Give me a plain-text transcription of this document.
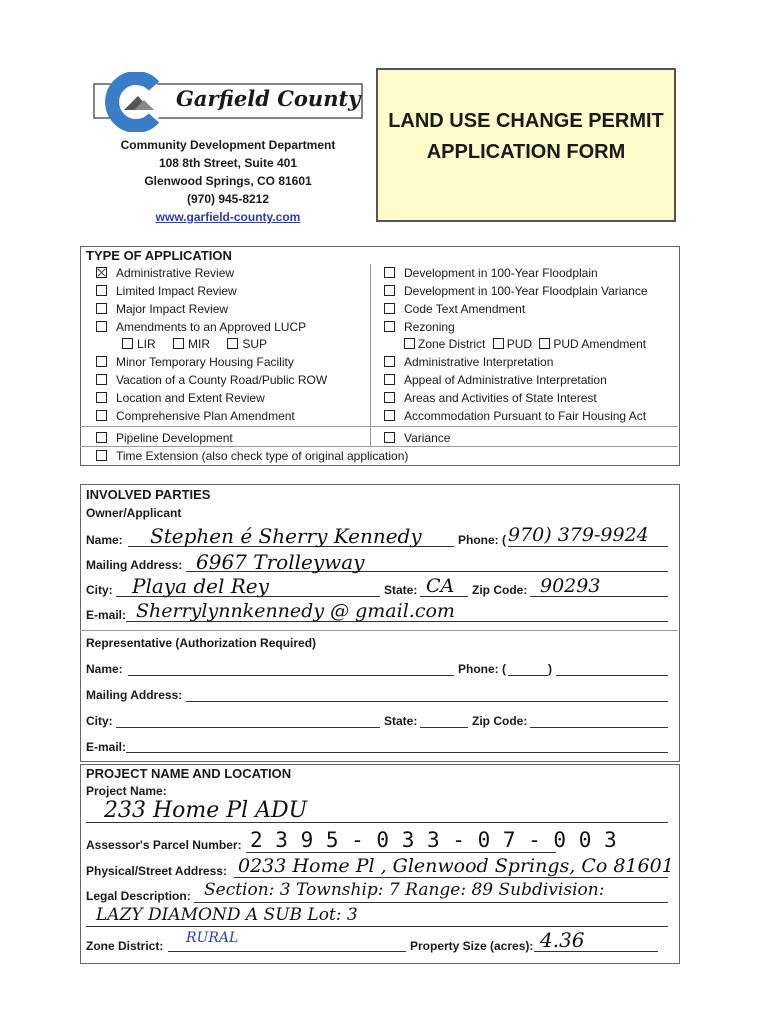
Garfield County
Community Development Department
108 8th Street, Suite 401
Glenwood Springs, CO 81601
(970) 945-8212
www.garfield-county.com
LAND USE CHANGE PERMIT
APPLICATION FORM
TYPE OF APPLICATION
Administrative Review
Limited Impact Review
Major Impact Review
Amendments to an Approved LUCP
LIR	MIR	SUP
Minor Temporary Housing Facility
Vacation of a County Road/Public ROW
Location and Extent Review
Comprehensive Plan Amendment
Pipeline Development
Development in 100-Year Floodplain
Development in 100-Year Floodplain Variance
Code Text Amendment
Rezoning
Zone District PUD PUD Amendment
Administrative Interpretation
Appeal of Administrative Interpretation
Areas and Activities of State Interest
Accommodation Pursuant to Fair Housing Act
Variance
Time Extension (also check type of original application)
INVOLVED PARTIES
Owner/Applicant
Name: Stephen é Sherry Kennedy	Phone: ( 970) 379-9924
Mailing Address: 6967 Trolleyway
City: Playa del Rey	State: CA Zip Code: 90293
E-mail: Sherrylynnkennedy @ gmail.com
Representative (Authorization Required)
Name:	Phone: (	)
Mailing Address:
City:	State:	Zip Code:
E-mail:
PROJECT NAME AND LOCATION
Project Name:
233 Home Pl ADU
Assessor's Parcel Number: 2 3 9 5 - 0 3 3 - 0 7 - 0 0 3
Physical/Street Address: 0233 Home Pl , Glenwood Springs, Co 81601
Legal Description: Section: 3 Township: 7 Range: 89 Subdivision:
LAZY DIAMOND A SUB Lot: 3
Zone District: RURAL	Property Size (acres): 4.36
